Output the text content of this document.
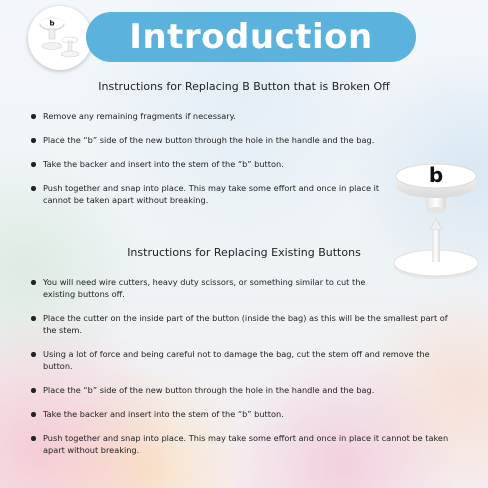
b Introduction
Instructions for Replacing B Button that is Broken Off
Remove any remaining fragments if necessary.
Place the “b” side of the new button through the hole in the handle and the bag.
Take the backer and insert into the stem of the “b” button.
Push together and snap into place. This may take some effort and once in place it cannot be taken apart without breaking.
b
Instructions for Replacing Existing Buttons
You will need wire cutters, heavy duty scissors, or something similar to cut the existing buttons off.
Place the cutter on the inside part of the button (inside the bag) as this will be the smallest part of the stem.
Using a lot of force and being careful not to damage the bag, cut the stem off and remove the button.
Place the “b” side of the new button through the hole in the handle and the bag.
Take the backer and insert into the stem of the “b” button.
Push together and snap into place. This may take some effort and once in place it cannot be taken apart without breaking.
